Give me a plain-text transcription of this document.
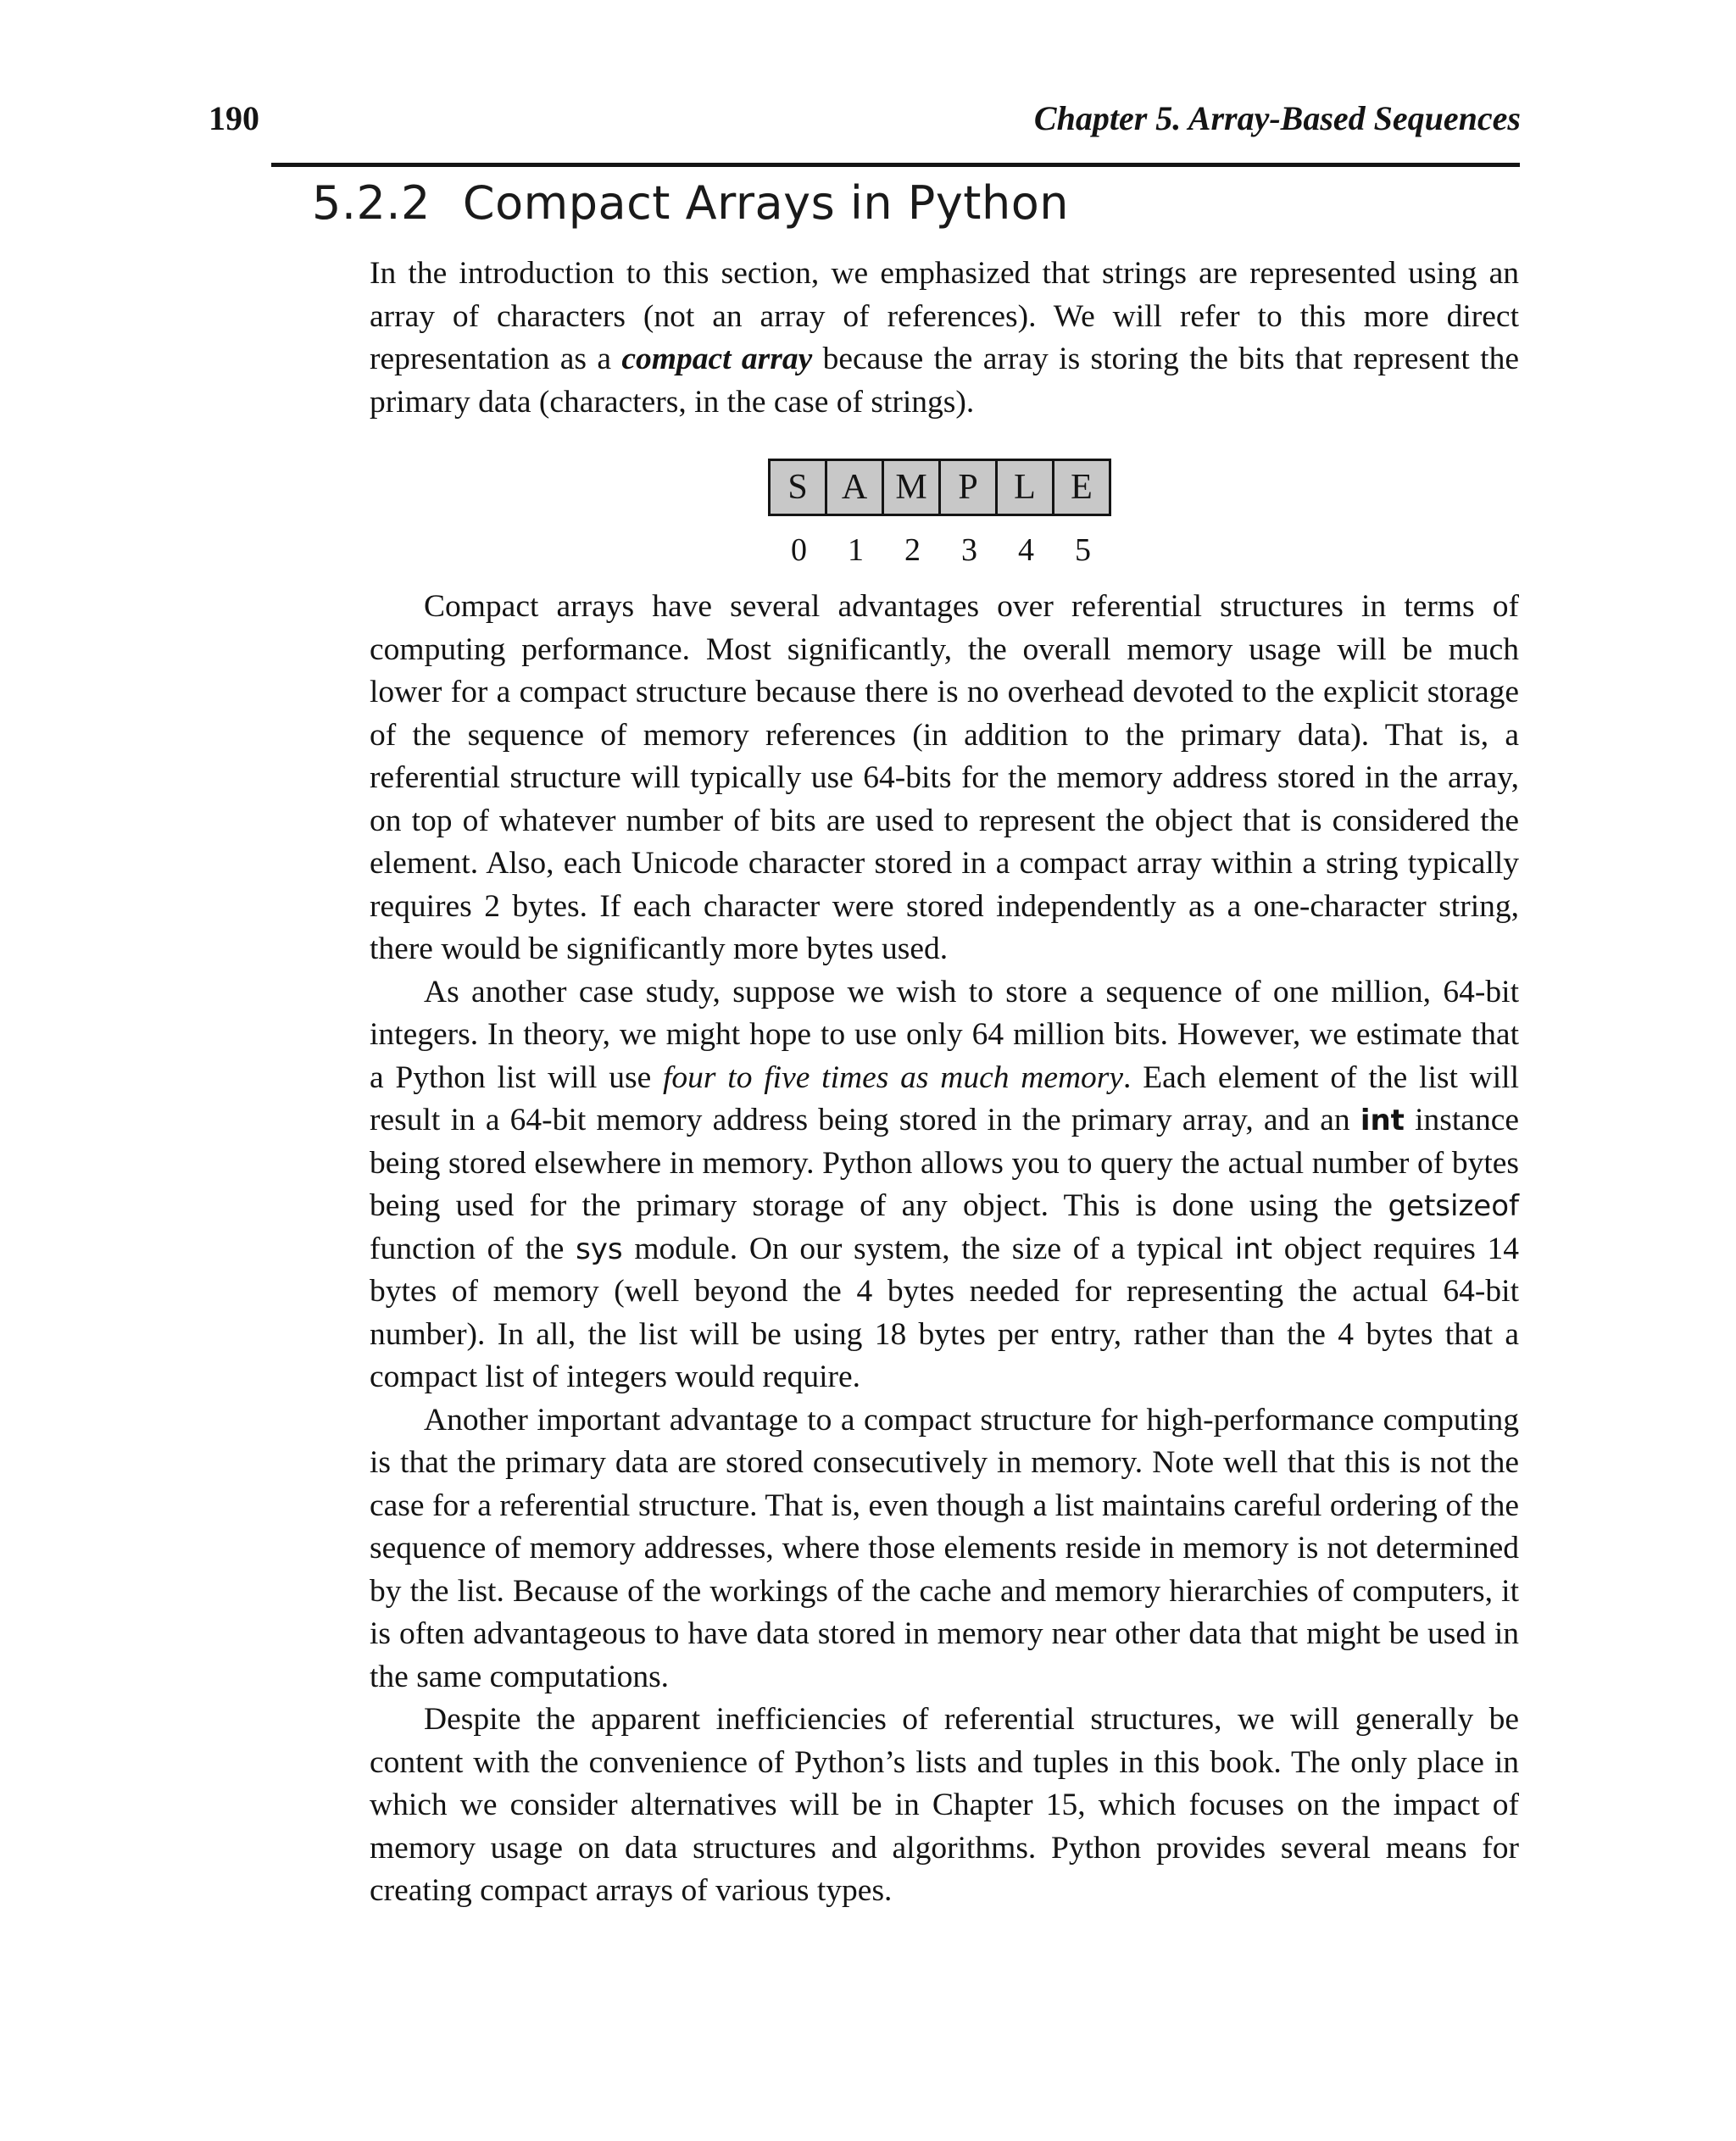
190	Chapter 5. Array-Based Sequences
5.2.2 Compact Arrays in Python

In the introduction to this section, we emphasized that strings are represented using an array of characters (not an array of references). We will refer to this more direct representation as a compact array because the array is storing the bits that represent the primary data (characters, in the case of strings).

S A M P	L E
0	1	2	3	4	5

Compact arrays have several advantages over referential structures in terms of computing performance. Most significantly, the overall memory usage will be much lower for a compact structure because there is no overhead devoted to the explicit storage of the sequence of memory references (in addition to the primary data). That is, a referential structure will typically use 64-bits for the memory address stored in the array, on top of whatever number of bits are used to represent the object that is considered the element. Also, each Unicode character stored in a compact array within a string typically requires 2 bytes. If each character were stored independently as a one-character string, there would be significantly more bytes used.

As another case study, suppose we wish to store a sequence of one million, 64-bit integers. In theory, we might hope to use only 64 million bits. However, we estimate that a Python list will use four to five times as much memory. Each element of the list will result in a 64-bit memory address being stored in the primary array, and an int instance being stored elsewhere in memory. Python allows you to query the actual number of bytes being used for the primary storage of any object. This is done using the getsizeof function of the sys module. On our system, the size of a typical int object requires 14 bytes of memory (well beyond the 4 bytes needed for representing the actual 64-bit number). In all, the list will be using 18 bytes per entry, rather than the 4 bytes that a compact list of integers would require.

Another important advantage to a compact structure for high-performance computing is that the primary data are stored consecutively in memory. Note well that this is not the case for a referential structure. That is, even though a list maintains careful ordering of the sequence of memory addresses, where those elements reside in memory is not determined by the list. Because of the workings of the cache and memory hierarchies of computers, it is often advantageous to have data stored in memory near other data that might be used in the same computations.

Despite the apparent inefficiencies of referential structures, we will generally be content with the convenience of Python’s lists and tuples in this book. The only place in which we consider alternatives will be in Chapter 15, which focuses on the impact of memory usage on data structures and algorithms. Python provides several means for creating compact arrays of various types.
